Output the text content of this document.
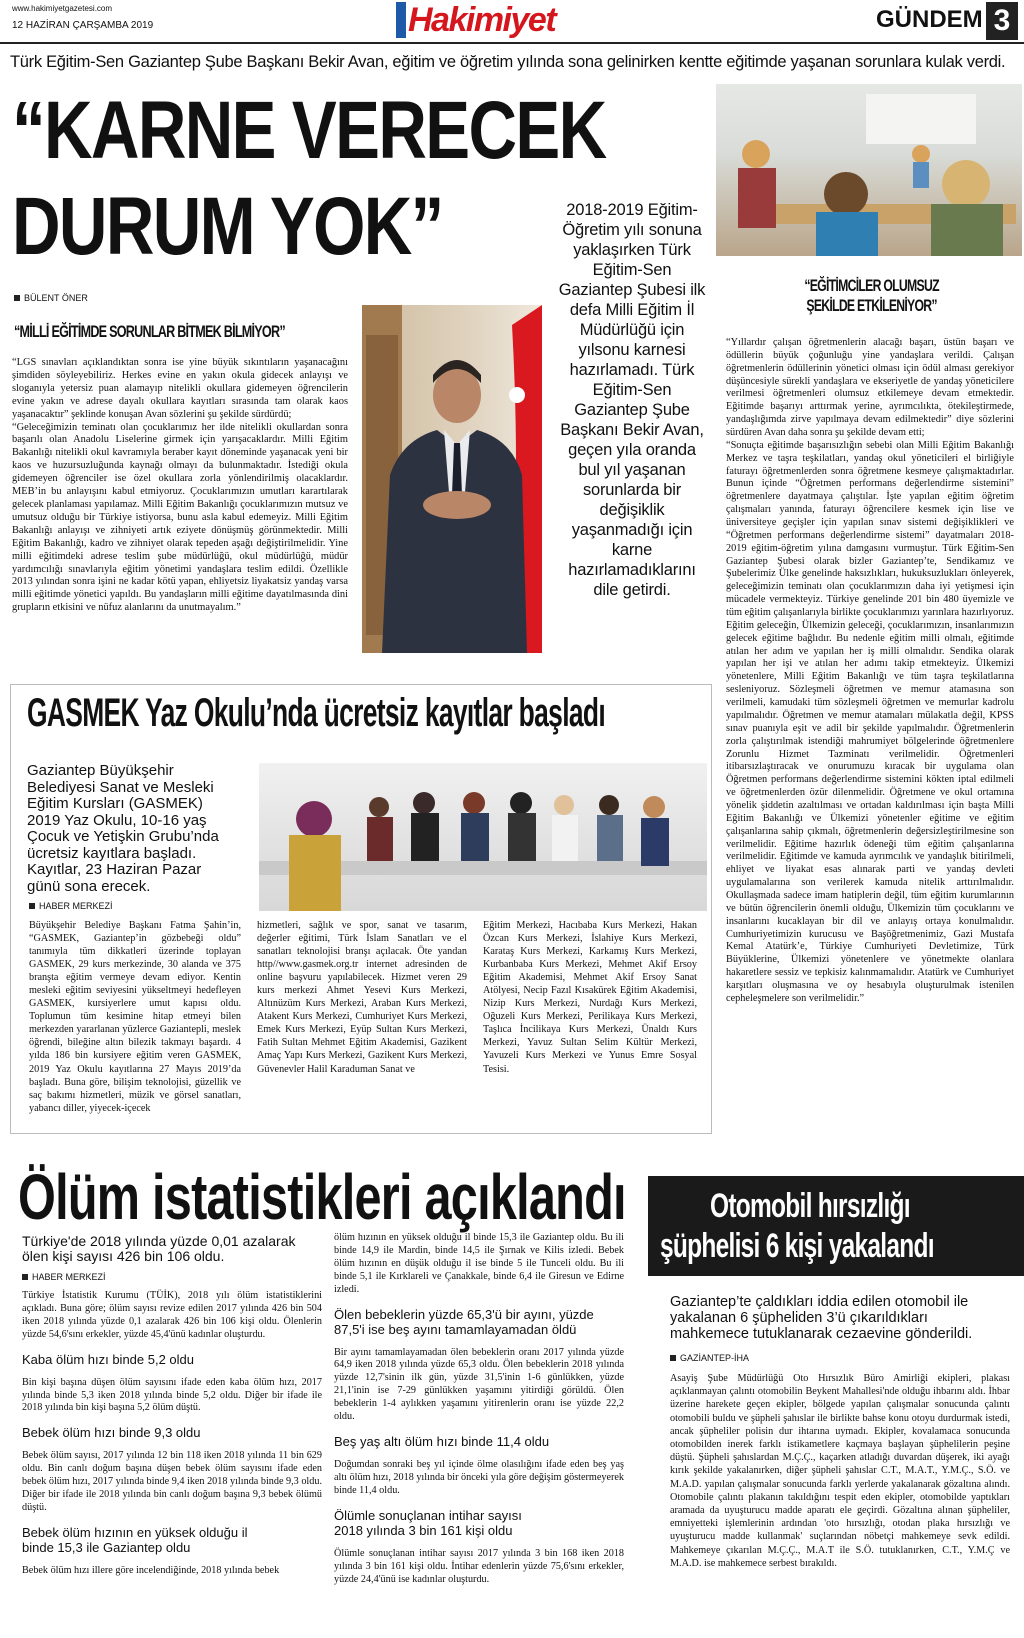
www.hakimiyetgazetesi.com
12 HAZİRAN ÇARŞAMBA 2019	Hakimiyet	GÜNDEM 3
Türk Eğitim-Sen Gaziantep Şube Başkanı Bekir Avan, eğitim ve öğretim yılında sona gelinirken kentte eğitimde yaşanan sorunlara kulak verdi.
“KARNE VERECEK
DURUM YOK”
BÜLENT ÖNER
“MİLLİ EĞİTİMDE SORUNLAR BİTMEK BİLMİYOR”

“LGS sınavları açıklandıktan sonra ise yine büyük sıkıntıların yaşanacağını şimdiden söyleyebiliriz. Herkes evine en yakın okula gidecek anlayışı ve sloganıyla yetersiz puan alamayıp nitelikli okullara gidemeyen öğrencilerin evine yakın ve adrese dayalı okullara kayıtları sırasında tam olarak kaos yaşanacaktır” şeklinde konuşan Avan sözlerini şu şekilde sürdürdü;

“Geleceğimizin teminatı olan çocuklarımız her ilde nitelikli okullardan sonra başarılı olan Anadolu Liselerine girmek için yarışacaklardır. Milli Eğitim Bakanlığı nitelikli okul kavramıyla beraber kayıt döneminde yaşanacak yeni bir kaos ve huzursuzluğunda kaynağı olmayı da bulunmaktadır. İstediği okula gidemeyen öğrenciler ise özel okullara zorla yönlendirilmiş olacaklardır. MEB’in bu anlayışını kabul etmiyoruz. Çocuklarımızın umutları karartılarak gelecek planlaması yapılamaz. Milli Eğitim Bakanlığı çocuklarımızın mutsuz ve umutsuz olduğu bir Türkiye istiyorsa, bunu asla kabul edemeyiz. Milli Eğitim Bakanlığı anlayışı ve zihniyeti artık eziyete dönüşmüş görünmektedir. Milli Eğitim Bakanlığı, kadro ve zihniyet olarak tepeden aşağı değiştirilmelidir. Yine milli eğitimdeki adrese teslim şube müdürlüğü, okul müdürlüğü, müdür yardımcılığı sınavlarıyla eğitim yönetimi yandaşlara teslim edildi. Özellikle 2013 yılından sonra işini ne kadar kötü yapan, ehliyetsiz liyakatsiz yandaş varsa milli eğitimde yönetici yapıldı. Bu yandaşların milli eğitime dayatılmasında dini grupların etkisini ve nüfuz alanlarını da unutmayalım.”

2018-2019 Eğitim-Öğretim yılı sonuna yaklaşırken Türk Eğitim-Sen Gaziantep Şubesi ilk defa Milli Eğitim İl Müdürlüğü için yılsonu karnesi hazırlamadı. Türk Eğitim-Sen Gaziantep Şube Başkanı Bekir Avan, geçen yıla oranda bul yıl yaşanan sorunlarda bir değişiklik yaşanmadığı için karne hazırlamadıklarını dile getirdi.
“EĞİTİMCİLER OLUMSUZ ŞEKİLDE ETKİLENİYOR”

“Yıllardır çalışan öğretmenlerin alacağı başarı, üstün başarı ve ödüllerin büyük çoğunluğu yine yandaşlara verildi. Çalışan öğretmenlerin ödüllerinin yönetici olması için ödül alması gerekiyor düşüncesiyle sürekli yandaşlara ve ekseriyetle de yandaş yöneticilere verilmesi öğretmenleri olumsuz etkilemeye devam etmektedir. Eğitimde başarıyı arttırmak yerine, ayrımcılıkta, ötekileştirmede, yandaşlığımda zirve yapılmaya devam edilmektedir” diye sözlerini sürdüren Avan daha sonra şu şekilde devam etti;

“Sonuçta eğitimde başarısızlığın sebebi olan Milli Eğitim Bakanlığı Merkez ve taşra teşkilatları, yandaş okul yöneticileri el birliğiyle faturayı öğretmenlerden sonra öğretmene kesmeye çalışmaktadırlar. Bunun içinde “Öğretmen performans değerlendirme sistemini” öğretmenlere dayatmaya çalıştılar. İşte yapılan eğitim öğretim çalışmaları yanında, faturayı öğrencilere kesmek için lise ve üniversiteye geçişler için yapılan sınav sistemi değişiklikleri ve “Öğretmen performans değerlendirme sistemi” dayatmaları 2018-2019 eğitim-öğretim yılına damgasını vurmuştur. Türk Eğitim-Sen Gaziantep Şubesi olarak bizler Gaziantep’te, Sendikamız ve Şubelerimiz Ülke genelinde haksızlıkları, hukuksuzlukları önleyerek, geleceğimizin teminatı olan çocuklarımızın daha iyi yetişmesi için mücadele vermekteyiz. Türkiye genelinde 201 bin 480 üyemizle ve tüm eğitim çalışanlarıyla birlikte çocuklarımızı yarınlara hazırlıyoruz. Eğitim geleceğin, Ülkemizin geleceği, çocuklarımızın, insanlarımızın gelecek eğitime bağlıdır. Bu nedenle eğitim milli olmalı, eğitimde atılan her adım ve yapılan her iş milli olmalıdır. Sendika olarak yapılan her işi ve atılan her adımı takip etmekteyiz. Ülkemizi yönetenlere, Milli Eğitim Bakanlığı ve tüm taşra teşkilatlarına sesleniyoruz. Sözleşmeli öğretmen ve memur atamasına son verilmeli, kamudaki tüm sözleşmeli öğretmen ve memurlar kadrolu yapılmalıdır. Öğretmen ve memur atamaları mülakatla değil, KPSS sınav puanıyla eşit ve adil bir şekilde yapılmalıdır. Öğretmenlerin zorla çalıştırılmak istendiği mahrumiyet bölgelerinde öğretmenlere Zorunlu Hizmet Tazminatı verilmelidir. Öğretmenleri itibarsızlaştıracak ve onurumuzu kıracak bir uygulama olan Öğretmen performans değerlendirme sistemini kökten iptal edilmeli ve öğretmenlerden özür dilenmelidir. Öğretmene ve okul ortamına yönelik şiddetin azaltılması ve ortadan kaldırılması için başta Milli Eğitim Bakanlığı ve Ülkemizi yönetenler eğitime ve eğitim çalışanlarına sahip çıkmalı, öğretmenlerin değersizleştirilmesine son verilmelidir. Eğitime hazırlık ödeneği tüm eğitim çalışanlarına verilmelidir. Eğitimde ve kamuda ayrımcılık ve yandaşlık bitirilmeli, ehliyet ve liyakat esas alınarak parti ve yandaş devleti uygulamalarına son verilerek kamuda nitelik arttırılmalıdır. Okullaşmada sadece imam hatiplerin değil, tüm eğitim kurumlarının ve bütün öğrencilerin önemli olduğu, Ülkemizin tüm çocuklarını ve insanlarını kucaklayan bir dil ve anlayış ortaya konulmalıdır. Cumhuriyetimizin kurucusu ve Başöğretmenimiz, Gazi Mustafa Kemal Atatürk’e, Türkiye Cumhuriyeti Devletimize, Türk Büyüklerine, Ülkemizi yönetenlere ve yönetmekte olanlara hakaretlere sessiz ve tepkisiz kalınmamalıdır. Atatürk ve Cumhuriyet karşıtları oluşmasına ve oy hesabıyla oluşturulmak istenilen cepheleşmelere son verilmelidir.”

GASMEK Yaz Okulu’nda ücretsiz kayıtlar başladı
Gaziantep Büyükşehir Belediyesi Sanat ve Mesleki Eğitim Kursları (GASMEK) 2019 Yaz Okulu, 10-16 yaş Çocuk ve Yetişkin Grubu’nda ücretsiz kayıtlara başladı. Kayıtlar, 23 Haziran Pazar günü sona erecek.
HABER MERKEZİ
Büyükşehir Belediye Başkanı Fatma Şahin’in, “GASMEK, Gaziantep’in gözbebeği oldu” tanımıyla tüm dikkatleri üzerinde toplayan GASMEK, 29 kurs merkezinde, 30 alanda ve 375 branşta eğitim vermeye devam ediyor. Kentin mesleki eğitim seviyesini yükseltmeyi hedefleyen GASMEK, kursiyerlere umut kapısı oldu. Toplumun tüm kesimine hitap etmeyi bilen merkezden yararlanan yüzlerce Gaziantepli, meslek öğrendi, bileğine altın bilezik takmayı başardı. 4 yılda 186 bin kursiyere eğitim veren GASMEK, 2019 Yaz Okulu kayıtlarına 27 Mayıs 2019’da başladı. Buna göre, bilişim teknolojisi, güzellik ve saç bakımı hizmetleri, müzik ve görsel sanatları, yabancı diller, yiyecek-içecek
hizmetleri, sağlık ve spor, sanat ve tasarım, değerler eğitimi, Türk İslam Sanatları ve el sanatları teknolojisi branşı açılacak. Öte yandan http//www.gasmek.org.tr internet adresinden de online başvuru yapılabilecek. Hizmet veren 29 kurs merkezi Ahmet Yesevi Kurs Merkezi, Altınüzüm Kurs Merkezi, Araban Kurs Merkezi, Atakent Kurs Merkezi, Cumhuriyet Kurs Merkezi, Emek Kurs Merkezi, Eyüp Sultan Kurs Merkezi, Fatih Sultan Mehmet Eğitim Akademisi, Gazikent Amaç Yapı Kurs Merkezi, Gazikent Kurs Merkezi, Güvenevler Halil Karaduman Sanat ve
Eğitim Merkezi, Hacıbaba Kurs Merkezi, Hakan Özcan Kurs Merkezi, İslahiye Kurs Merkezi, Karataş Kurs Merkezi, Karkamış Kurs Merkezi, Kurbanbaba Kurs Merkezi, Mehmet Akif Ersoy Eğitim Akademisi, Mehmet Akif Ersoy Sanat Atölyesi, Necip Fazıl Kısakürek Eğitim Akademisi, Nizip Kurs Merkezi, Nurdağı Kurs Merkezi, Oğuzeli Kurs Merkezi, Perilikaya Kurs Merkezi, Taşlıca İncilikaya Kurs Merkezi, Ünaldı Kurs Merkezi, Yavuz Sultan Selim Kültür Merkezi, Yavuzeli Kurs Merkezi ve Yunus Emre Sosyal Tesisi.
Ölüm istatistikleri açıklandı
Türkiye'de 2018 yılında yüzde 0,01 azalarak ölen kişi sayısı 426 bin 106 oldu.
HABER MERKEZİ
Türkiye İstatistik Kurumu (TÜİK), 2018 yılı ölüm istatistiklerini açıkladı. Buna göre; ölüm sayısı revize edilen 2017 yılında 426 bin 504 iken 2018 yılında yüzde 0,1 azalarak 426 bin 106 kişi oldu. Ölenlerin yüzde 54,6'sını erkekler, yüzde 45,4'ünü kadınlar oluşturdu.
Kaba ölüm hızı binde 5,2 oldu
Bin kişi başına düşen ölüm sayısını ifade eden kaba ölüm hızı, 2017 yılında binde 5,3 iken 2018 yılında binde 5,2 oldu. Diğer bir ifade ile 2018 yılında bin kişi başına 5,2 ölüm düştü.
Bebek ölüm hızı binde 9,3 oldu
Bebek ölüm sayısı, 2017 yılında 12 bin 118 iken 2018 yılında 11 bin 629 oldu. Bin canlı doğum başına düşen bebek ölüm sayısını ifade eden bebek ölüm hızı, 2017 yılında binde 9,4 iken 2018 yılında binde 9,3 oldu. Diğer bir ifade ile 2018 yılında bin canlı doğum başına 9,3 bebek ölümü düştü.
Bebek ölüm hızının en yüksek olduğu il binde 15,3 ile Gaziantep oldu
Bebek ölüm hızı illere göre incelendiğinde, 2018 yılında bebek
ölüm hızının en yüksek olduğu il binde 15,3 ile Gaziantep oldu. Bu ili binde 14,9 ile Mardin, binde 14,5 ile Şırnak ve Kilis izledi. Bebek ölüm hızının en düşük olduğu il ise binde 5 ile Tunceli oldu. Bu ili binde 5,1 ile Kırklareli ve Çanakkale, binde 6,4 ile Giresun ve Edirne izledi.
Ölen bebeklerin yüzde 65,3'ü bir ayını, yüzde 87,5'i ise beş ayını tamamlayamadan öldü
Bir ayını tamamlayamadan ölen bebeklerin oranı 2017 yılında yüzde 64,9 iken 2018 yılında yüzde 65,3 oldu. Ölen bebeklerin 2018 yılında yüzde 12,7'sinin ilk gün, yüzde 31,5'inin 1-6 günlükken, yüzde 21,1'inin ise 7-29 günlükken yaşamını yitirdiği görüldü. Ölen bebeklerin 1-4 aylıkken yaşamını yitirenlerin oranı ise yüzde 22,2 oldu.
Beş yaş altı ölüm hızı binde 11,4 oldu
Doğumdan sonraki beş yıl içinde ölme olasılığını ifade eden beş yaş altı ölüm hızı, 2018 yılında bir önceki yıla göre değişim göstermeyerek binde 11,4 oldu.
Ölümle sonuçlanan intihar sayısı 2018 yılında 3 bin 161 kişi oldu
Ölümle sonuçlanan intihar sayısı 2017 yılında 3 bin 168 iken 2018 yılında 3 bin 161 kişi oldu. İntihar edenlerin yüzde 75,6'sını erkekler, yüzde 24,4'ünü ise kadınlar oluşturdu.
Otomobil hırsızlığı
şüphelisi 6 kişi yakalandı
Gaziantep’te çaldıkları iddia edilen otomobil ile yakalanan 6 şüpheliden 3’ü çıkarıldıkları mahkemece tutuklanarak cezaevine gönderildi.
GAZİANTEP-İHA
Asayiş Şube Müdürlüğü Oto Hırsızlık Büro Amirliği ekipleri, plakası açıklanmayan çalıntı otomobilin Beykent Mahallesi'nde olduğu ihbarını aldı. İhbar üzerine harekete geçen ekipler, bölgede yapılan çalışmalar sonucunda çalıntı otomobili buldu ve şüpheli şahıslar ile birlikte bahse konu otoyu durdurmak istedi, ancak şüpheliler polisin dur ihtarına uymadı. Ekipler, kovalamaca sonucunda otomobilden inerek farklı istikametlere kaçmaya başlayan şüphelilerin peşine düştü. Şüpheli şahıslardan M.Ç.Ç., kaçarken atladığı duvardan düşerek, iki ayağı kırık şekilde yakalanırken, diğer şüpheli şahıslar C.T., M.A.T., Y.M.Ç., S.Ö. ve M.A.D. yapılan çalışmalar sonucunda farklı yerlerde yakalanarak gözaltına alındı. Otomobile çalıntı plakanın takıldığını tespit eden ekipler, otomobilde yaptıkları aramada da uyuşturucu madde aparatı ele geçirdi. Gözaltına alınan şüpheliler, emniyetteki işlemlerinin ardından 'oto hırsızlığı, otodan plaka hırsızlığı ve uyuşturucu madde kullanmak' suçlarından nöbetçi mahkemeye sevk edildi. Mahkemeye çıkarılan M.Ç.Ç., M.A.T ile S.Ö. tutuklanırken, C.T., Y.M.Ç ve M.A.D. ise mahkemece serbest bırakıldı.
